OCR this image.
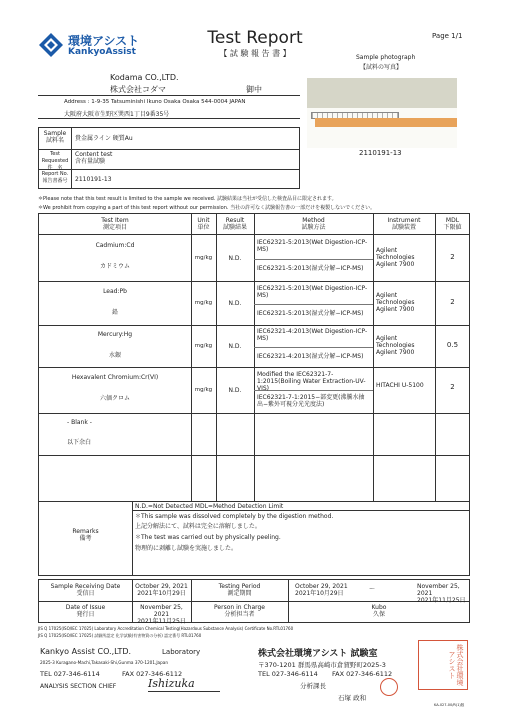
環境アシスト
KankyoAssist
Page 1/1
Test Report
【 試 験 報 告 書 】	Sample photograph
【試料の写真】
2110191-13
Kodama CO.,LTD.
株式会社コダマ	御中
Address : 1-9-35 Tatsuminishi Ikuno Osaka Osaka 544-0004 JAPAN
大阪府大阪市生野区巽西1丁目9番35号
Sample
試料名	貴金属ライン 硬質Au
Test Requested
件　名
Content test
含有量試験
Report No.
報告書番号	2110191-13
＊Please note that this test result is limited to the sample we received. 試験結果は当社が受信した検査品目に限定されます。
＊We prohibit from copying a part of this test report without our permission. 当社の許可なく試験報告書の一部だけを複製しないでください。
Test Item
測定項目
Unit
単位
Result
試験結果
Method
試験方法
Instrument
試験装置
MDL
下限値
Cadmium:Cd

カドミウム
mg/kg	N.D.
IEC62321-5:2013(Wet Digestion-ICP-MS)
IEC62321-5:2013(湿式分解−ICP-MS)
Agilent Technologies Agilent 7900
2
Lead:Pb

鉛
mg/kg	N.D.
IEC62321-5:2013(Wet Digestion-ICP-MS)
IEC62321-5:2013(湿式分解−ICP-MS)
Agilent Technologies Agilent 7900
2
Mercury:Hg

水銀
mg/kg	N.D.
IEC62321-4:2013(Wet Digestion-ICP-MS)
IEC62321-4:2013(湿式分解−ICP-MS)
Agilent Technologies Agilent 7900
0.5
Hexavalent Chromium:Cr(VI)

六価クロム
mg/kg	N.D.
Modified the IEC62321-7-1:2015(Boiling Water Extraction-UV-VIS)
IEC62321-7-1:2015−部変更(沸騰水抽出−紫外可視分光光度法)
HITACHI U-5100	2
- Blank -
以下余白
Remarks
備考
N.D.=Not Detected MDL=Method Detection Limit
＊This sample was dissolved completely by the digestion method.
上記分解法にて、試料は完全に溶解しました。
＊The test was carried out by physically peeling.
物理的に剥離し試験を実施しました。
Sample Receiving Date
受信日
October 29, 2021
2021年10月29日
Testing Period
測定期間
October 29, 2021
2021年10月29日
〜	November 25, 2021
2021年11月25日
Date of Issue
発行日
November 25, 2021
2021年11月25日
Person in Charge
分析担当者
Kubo
久保
JIS Q 17025(ISO/IEC 17025) Laboratory Accreditation Chemical Testing(Hazardous Substance Analysis) Certificate No.RTL01760
JIS Q 17025(ISO/IEC 17025) 試験所認定 化学試験(有害物質の分析) 認定番号 RTL01760
Kankyo Assist CO.,LTD.	Laboratory
2025-3 Kuragano-Machi,Takasaki-Shi,Gunma 370-1201,Japan
TEL 027-346-6114	FAX 027-346-6112
ANALYSIS SECTION CHIEF	Ishizuka
株式会社環境アシスト 試験室
〒370-1201 群馬県高崎市倉賀野町2025-3
TEL 027-346-6114 FAX 027-346-6112
分析課長
石塚 政和
株式会社環境アシスト
KA-027-00/R(1)版
